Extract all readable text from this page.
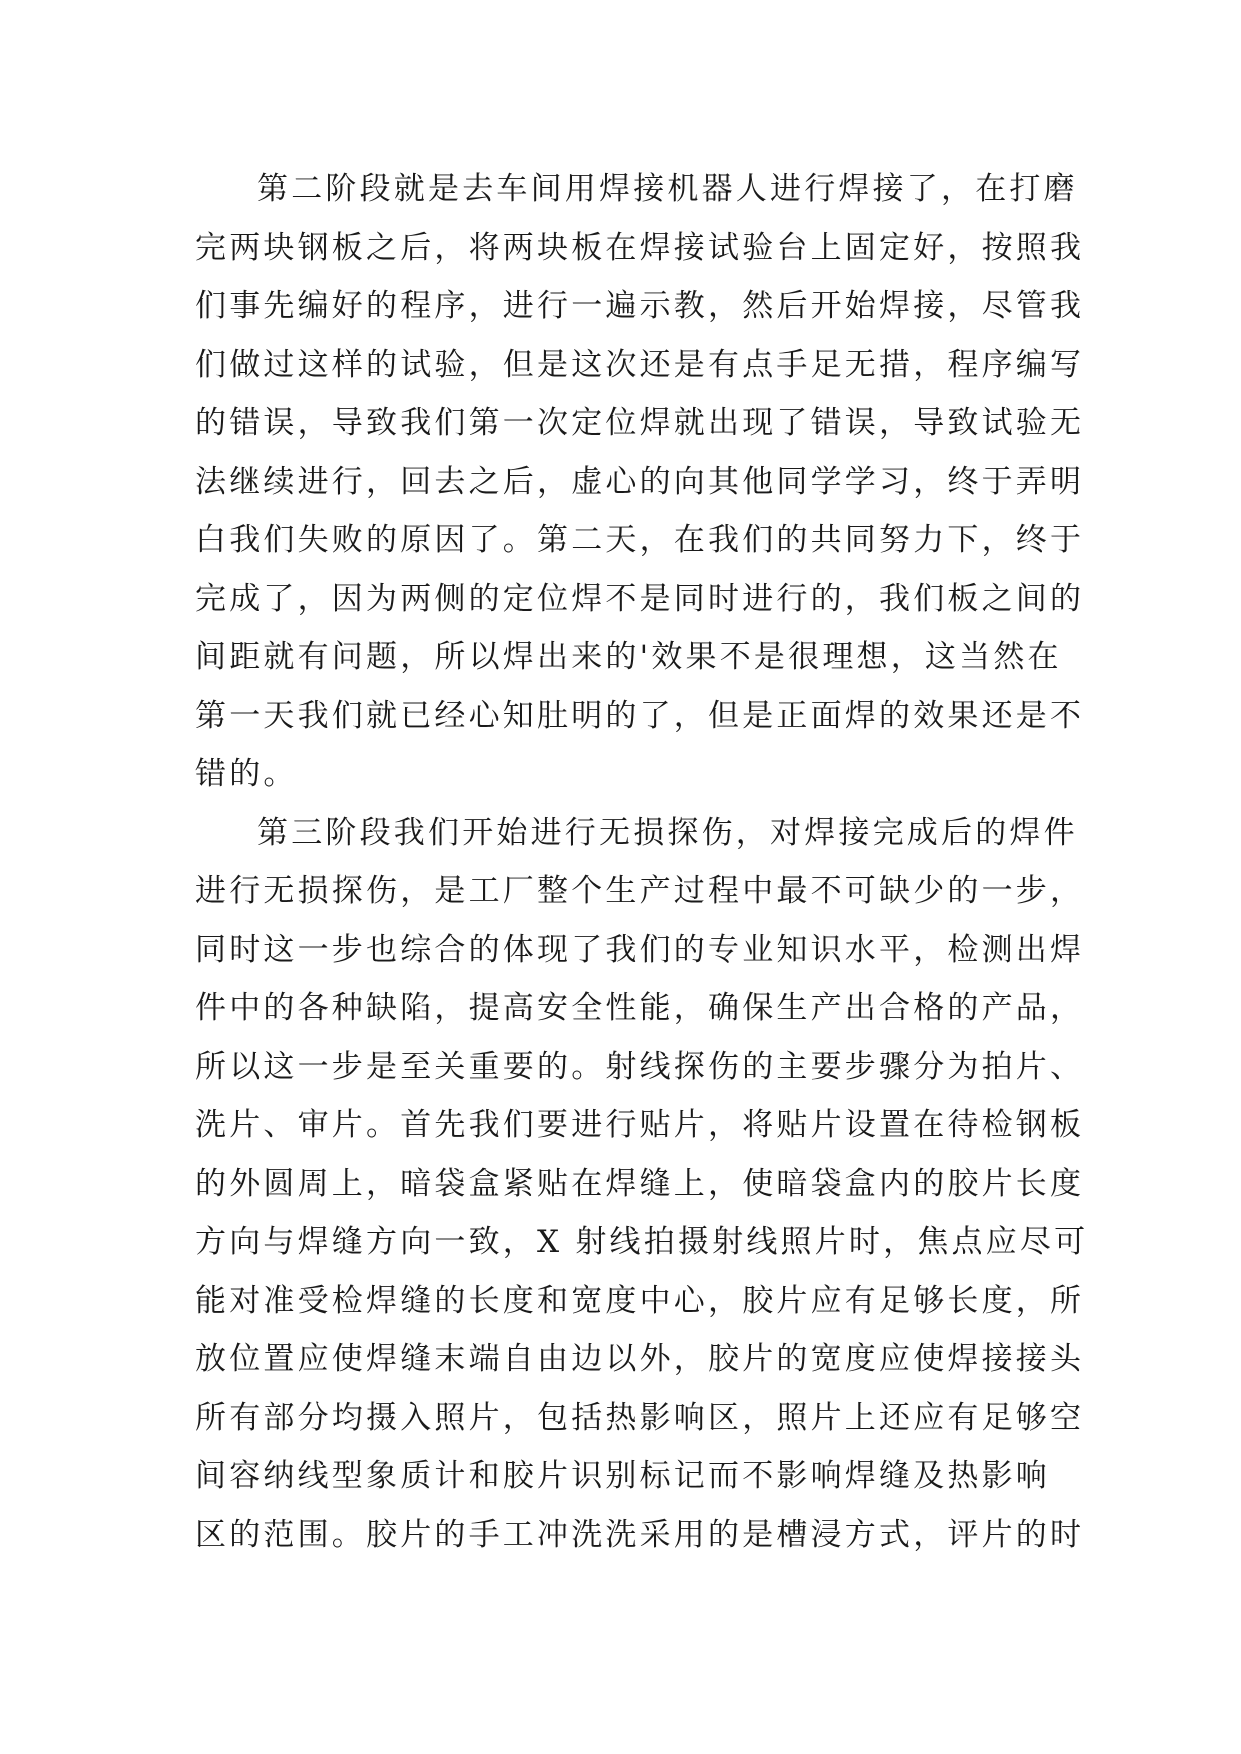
第二阶段就是去车间用焊接机器人进行焊接了，在打磨
完两块钢板之后，将两块板在焊接试验台上固定好，按照我
们事先编好的程序，进行一遍示教，然后开始焊接，尽管我
们做过这样的试验，但是这次还是有点手足无措，程序编写
的错误，导致我们第一次定位焊就出现了错误，导致试验无
法继续进行，回去之后，虚心的向其他同学学习，终于弄明
白我们失败的原因了。第二天，在我们的共同努力下，终于
完成了，因为两侧的定位焊不是同时进行的，我们板之间的
间距就有问题，所以焊出来的'效果不是很理想，这当然在
第一天我们就已经心知肚明的了，但是正面焊的效果还是不
错的。
第三阶段我们开始进行无损探伤，对焊接完成后的焊件
进行无损探伤，是工厂整个生产过程中最不可缺少的一步，
同时这一步也综合的体现了我们的专业知识水平，检测出焊
件中的各种缺陷，提高安全性能，确保生产出合格的产品，
所以这一步是至关重要的。射线探伤的主要步骤分为拍片、
洗片、审片。首先我们要进行贴片，将贴片设置在待检钢板
的外圆周上，暗袋盒紧贴在焊缝上，使暗袋盒内的胶片长度
方向与焊缝方向一致，X 射线拍摄射线照片时，焦点应尽可
能对准受检焊缝的长度和宽度中心，胶片应有足够长度，所
放位置应使焊缝末端自由边以外，胶片的宽度应使焊接接头
所有部分均摄入照片，包括热影响区，照片上还应有足够空
间容纳线型象质计和胶片识别标记而不影响焊缝及热影响
区的范围。胶片的手工冲洗洗采用的是槽浸方式，评片的时
